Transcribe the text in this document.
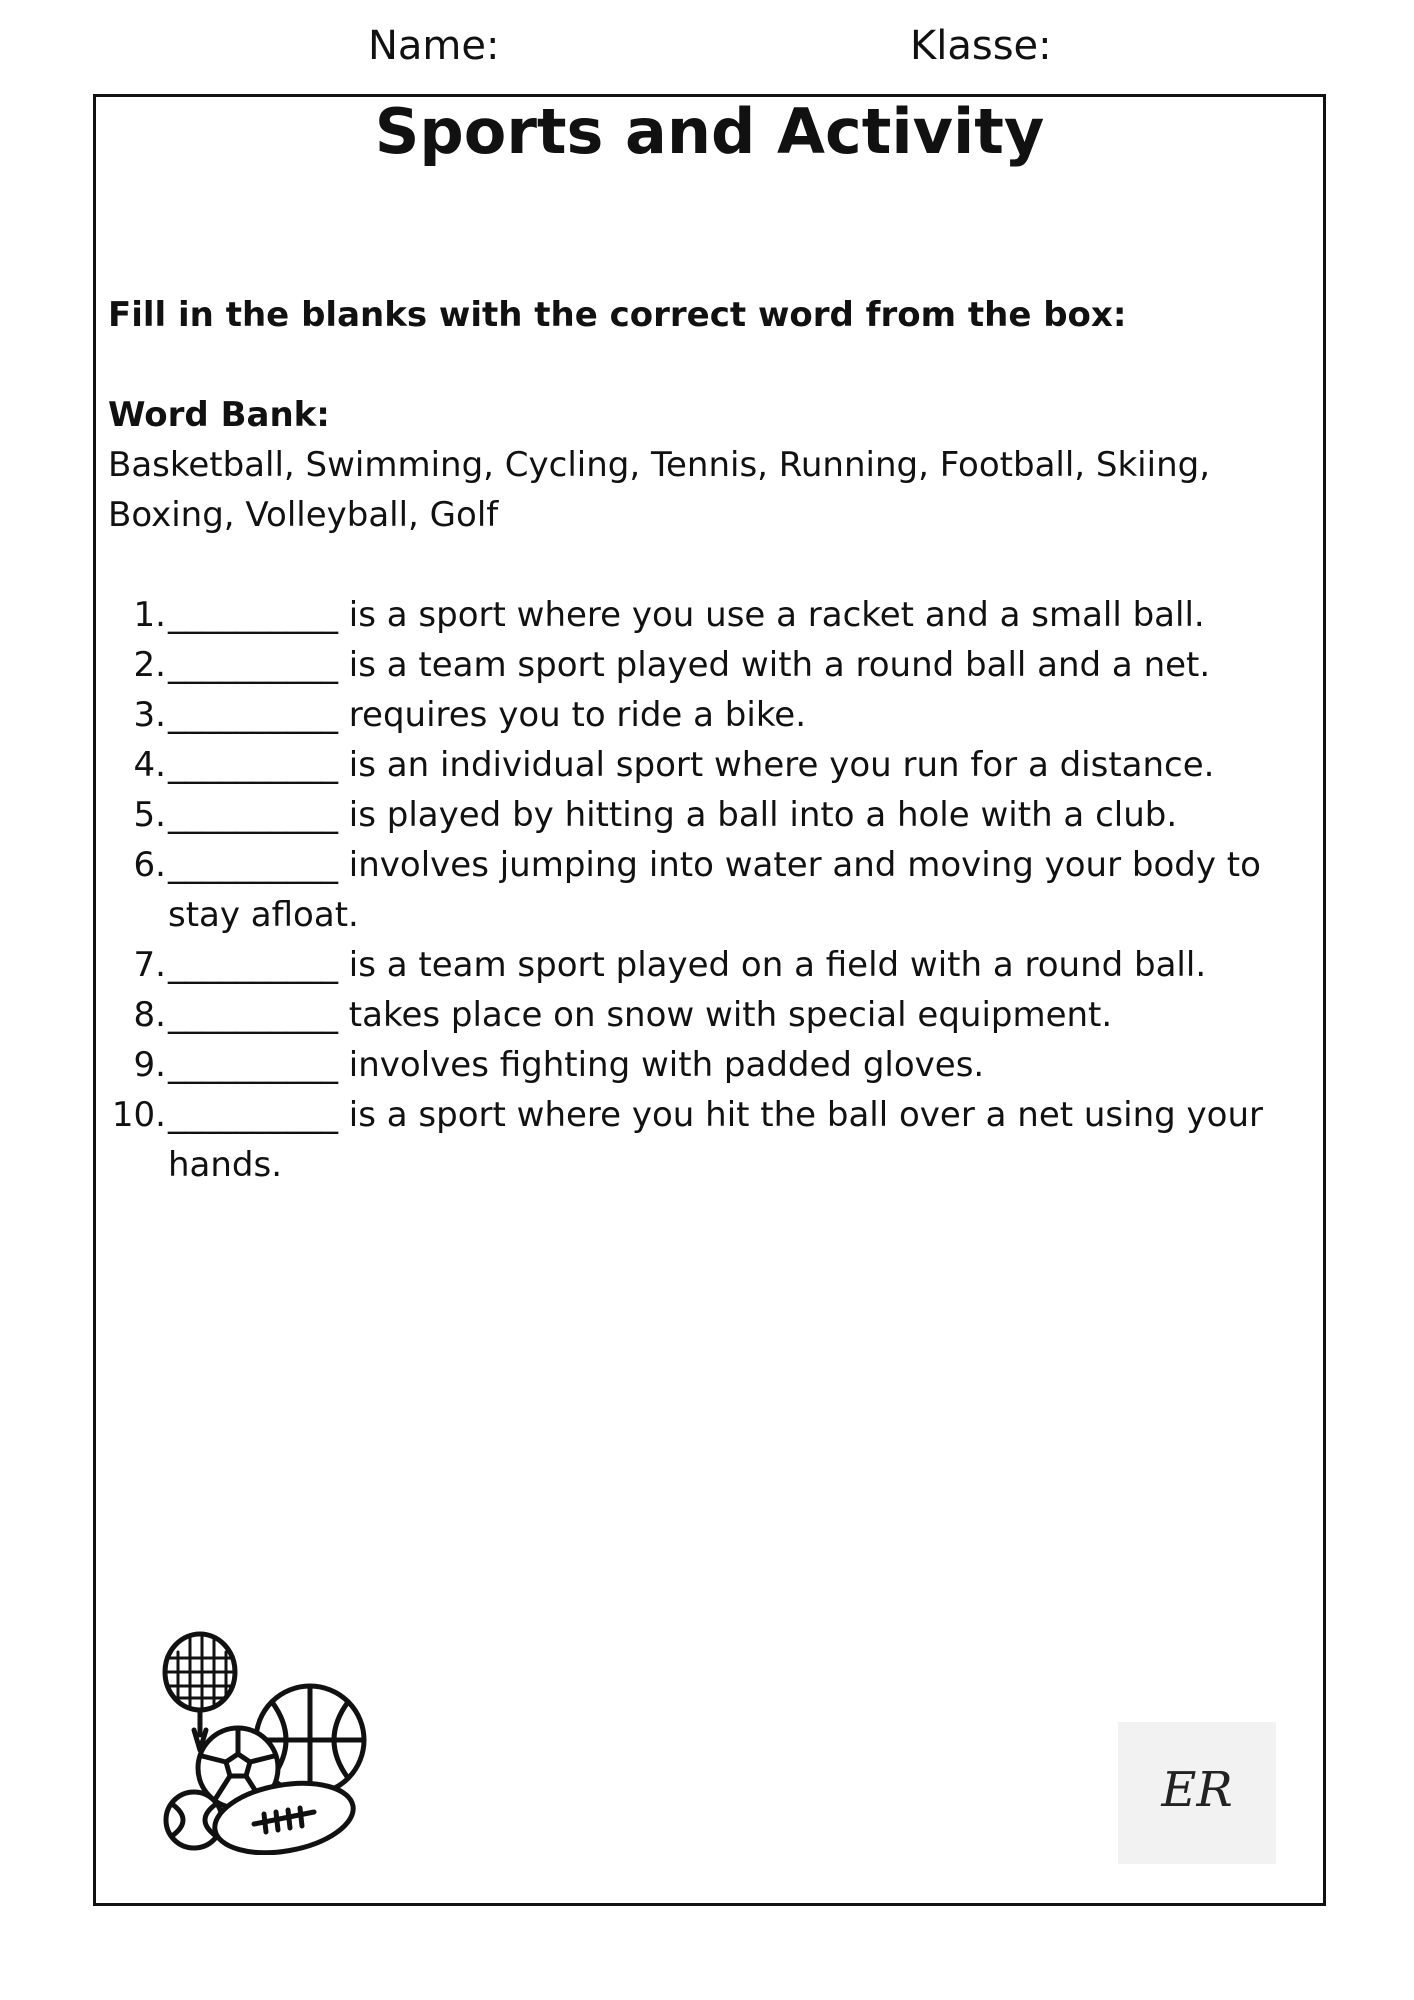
Name:	Klasse:
Sports and Activity

Fill in the blanks with the correct word from the box:

Word Bank:

Basketball, Swimming, Cycling, Tennis, Running, Football, Skiing, Boxing, Volleyball, Golf

1. __________ is a sport where you use a racket and a small ball.
2. __________ is a team sport played with a round ball and a net.
3. __________ requires you to ride a bike.
4. __________ is an individual sport where you run for a distance.
5. __________ is played by hitting a ball into a hole with a club.
6. __________ involves jumping into water and moving your body to stay afloat.
7. __________ is a team sport played on a field with a round ball.
8. __________ takes place on snow with special equipment.
9. __________ involves fighting with padded gloves.
10. __________ is a sport where you hit the ball over a net using your hands.
ER
